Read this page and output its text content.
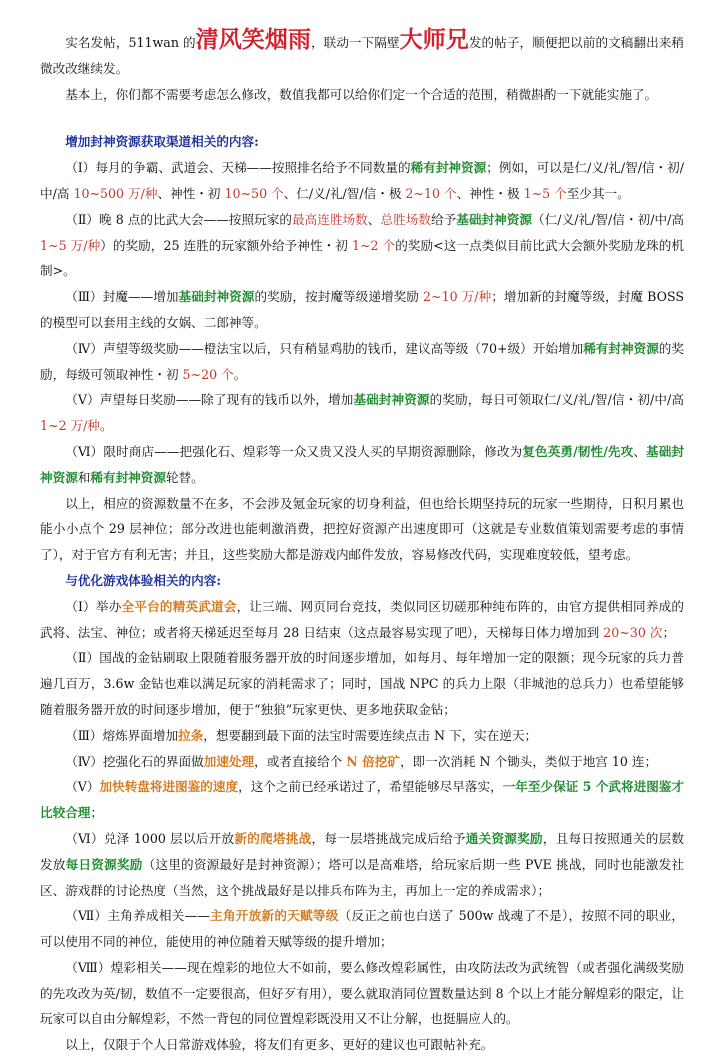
实名发帖，511wan 的清风笑烟雨，联动一下隔壁大师兄发的帖子，顺便把以前的文稿翻出来稍微改改继续发。

基本上，你们都不需要考虑怎么修改，数值我都可以给你们定一个合适的范围，稍微斟酌一下就能实施了。

增加封神资源获取渠道相关的内容:

（Ⅰ）每月的争霸、武道会、天梯——按照排名给予不同数量的稀有封神资源；例如，可以是仁/义/礼/智/信・初/中/高 10~500 万/种、神性・初 10~50 个、仁/义/礼/智/信・极 2~10 个、神性・极 1~5 个至少其一。

（Ⅱ）晚 8 点的比武大会——按照玩家的最高连胜场数、总胜场数给予基础封神资源（仁/义/礼/智/信・初/中/高 1~5 万/种）的奖励，25 连胜的玩家额外给予神性・初 1~2 个的奖励<这一点类似目前比武大会额外奖励龙珠的机制>。

（Ⅲ）封魔——增加基础封神资源的奖励，按封魔等级递增奖励 2~10 万/种；增加新的封魔等级，封魔 BOSS 的模型可以套用主线的女娲、二郎神等。

（Ⅳ）声望等级奖励——橙法宝以后，只有稍显鸡肋的钱币，建议高等级（70+级）开始增加稀有封神资源的奖励，每级可领取神性・初 5~20 个。

（Ⅴ）声望每日奖励——除了现有的钱币以外，增加基础封神资源的奖励，每日可领取仁/义/礼/智/信・初/中/高 1~2 万/种。

（Ⅵ）限时商店——把强化石、煌彩等一众又贵又没人买的早期资源删除，修改为复色英勇/韧性/先攻、基础封神资源和稀有封神资源轮替。

以上，相应的资源数量不在多，不会涉及氪金玩家的切身利益，但也给长期坚持玩的玩家一些期待，日积月累也能小小点个 29 层神位；部分改进也能刺激消费，把控好资源产出速度即可（这就是专业数值策划需要考虑的事情了），对于官方有利无害；并且，这些奖励大都是游戏内邮件发放，容易修改代码，实现难度较低，望考虑。

与优化游戏体验相关的内容:

（Ⅰ）举办全平台的精英武道会，让三端、网页同台竞技，类似同区切磋那种纯布阵的，由官方提供相同养成的武将、法宝、神位；或者将天梯延迟至每月 28 日结束（这点最容易实现了吧），天梯每日体力增加到 20~30 次；

（Ⅱ）国战的金钻刷取上限随着服务器开放的时间逐步增加，如每月、每年增加一定的限额；现今玩家的兵力普遍几百万，3.6w 金钻也难以满足玩家的消耗需求了；同时，国战 NPC 的兵力上限（非城池的总兵力）也希望能够随着服务器开放的时间逐步增加，便于“独狼”玩家更快、更多地获取金钻；

（Ⅲ）熔炼界面增加拉条，想要翻到最下面的法宝时需要连续点击 N 下，实在逆天；

（Ⅳ）挖强化石的界面做加速处理，或者直接给个 N 倍挖矿，即一次消耗 N 个锄头，类似于地宫 10 连；

（Ⅴ）加快转盘将进图鉴的速度，这个之前已经承诺过了，希望能够尽早落实，一年至少保证 5 个武将进图鉴才比较合理；

（Ⅵ）兑泽 1000 层以后开放新的爬塔挑战，每一层塔挑战完成后给予通关资源奖励，且每日按照通关的层数发放每日资源奖励（这里的资源最好是封神资源）；塔可以是高难塔，给玩家后期一些 PVE 挑战，同时也能激发社区、游戏群的讨论热度（当然，这个挑战最好是以排兵布阵为主，再加上一定的养成需求）；

（Ⅶ）主角养成相关——主角开放新的天赋等级（反正之前也白送了 500w 战魂了不是），按照不同的职业，可以使用不同的神位，能使用的神位随着天赋等级的提升增加；

（Ⅷ）煌彩相关——现在煌彩的地位大不如前，要么修改煌彩属性，由攻防法改为武统智（或者强化满级奖励的先攻改为英/韧，数值不一定要很高，但好歹有用），要么就取消同位置数量达到 8 个以上才能分解煌彩的限定，让玩家可以自由分解煌彩，不然一背包的同位置煌彩既没用又不让分解，也挺膈应人的。

以上，仅限于个人日常游戏体验，将友们有更多、更好的建议也可跟帖补充。
